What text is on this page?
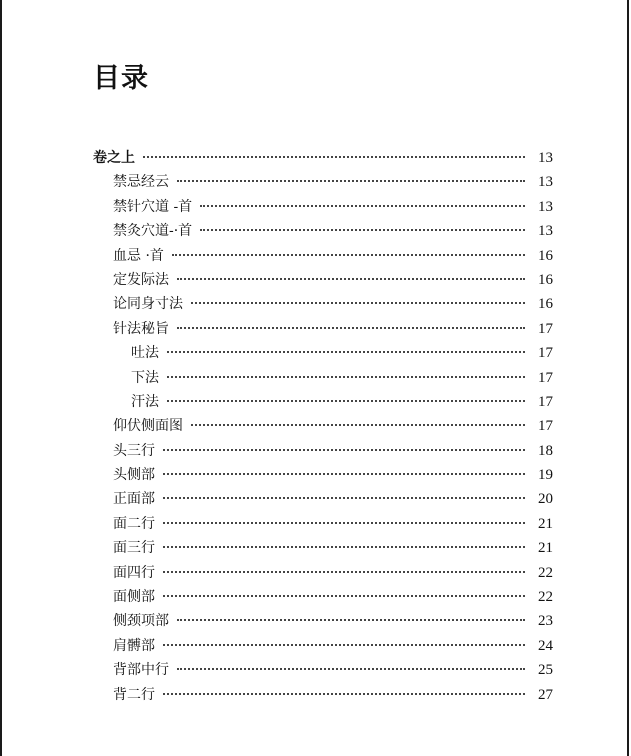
目录
卷之上	13
禁忌经云	13
禁针穴道 -首	13
禁灸穴道-·首	13
血忌 ·首	16
定发际法	16
论同身寸法	16
针法秘旨	17
吐法	17
下法	17
汗法	17
仰伏侧面图	17
头三行	18
头侧部	19
正面部	20
面二行	21
面三行	21
面四行	22
面侧部	22
侧颈项部	23
肩髆部	24
背部中行	25
背二行	27
